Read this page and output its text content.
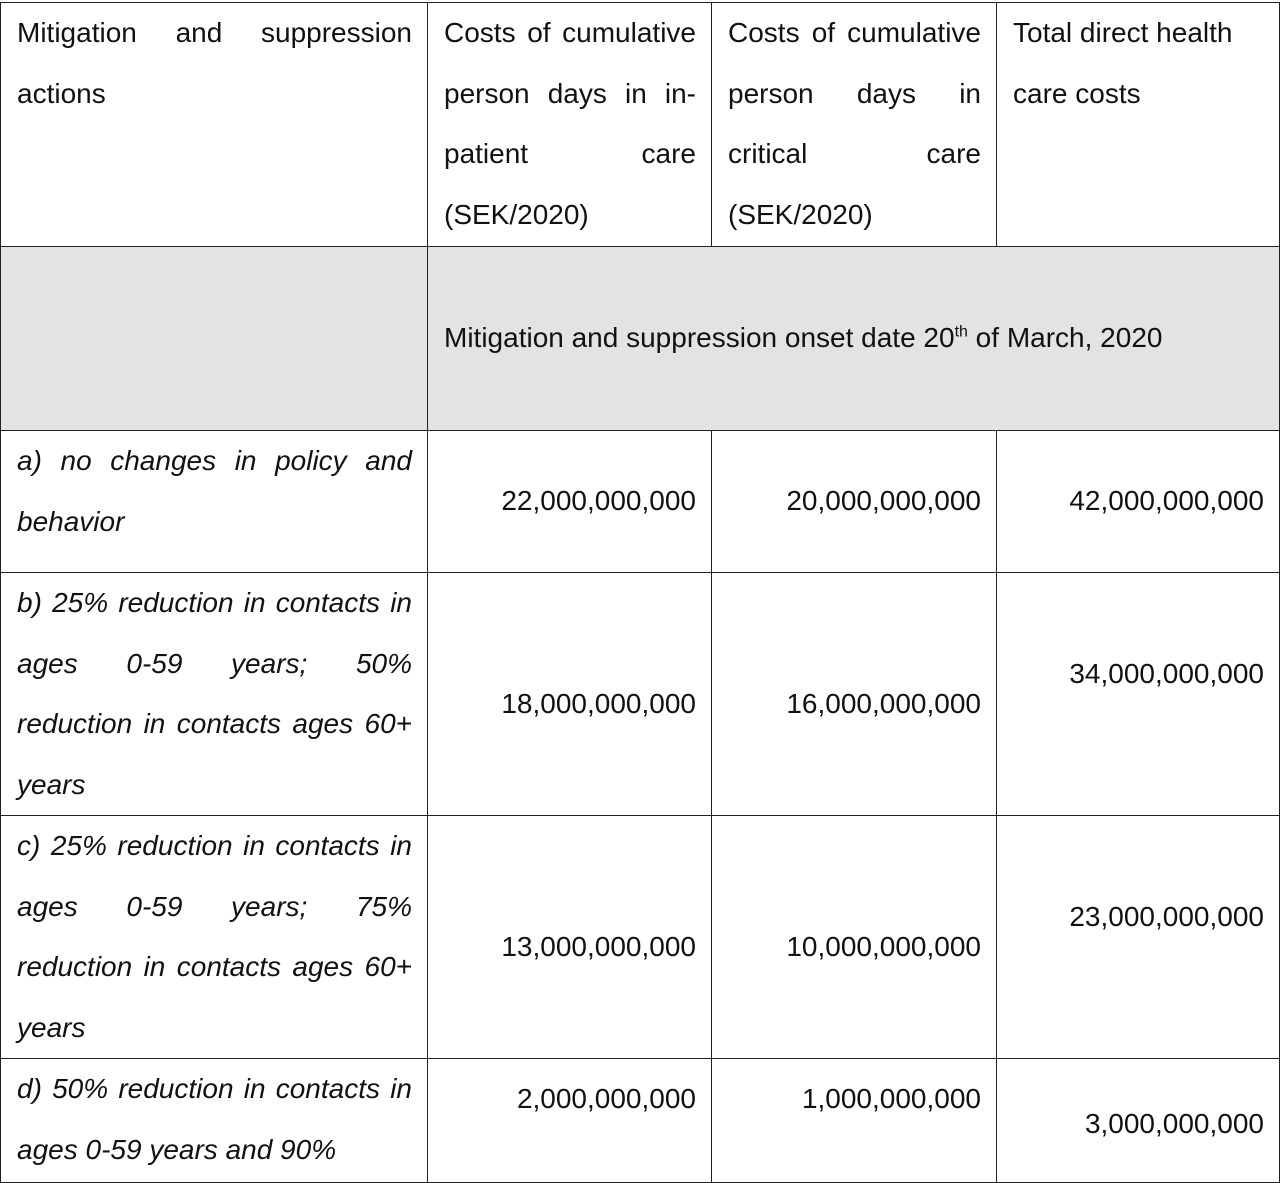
Mitigation and suppression actions	Costs of cumulative person days in in-patient care (SEK/2020)	Costs of cumulative person days in critical care (SEK/2020)	Total direct health care costs
	Mitigation and suppression onset date 20th of March, 2020		
a) no changes in policy and behavior	22,000,000,000	20,000,000,000	42,000,000,000
b) 25% reduction in contacts in ages 0-59 years; 50% reduction in contacts ages 60+ years	18,000,000,000	16,000,000,000	34,000,000,000
c) 25% reduction in contacts in ages 0-59 years; 75% reduction in contacts ages 60+ years	13,000,000,000	10,000,000,000	23,000,000,000
d) 50% reduction in contacts in ages 0-59 years and 90%	2,000,000,000	1,000,000,000	3,000,000,000
